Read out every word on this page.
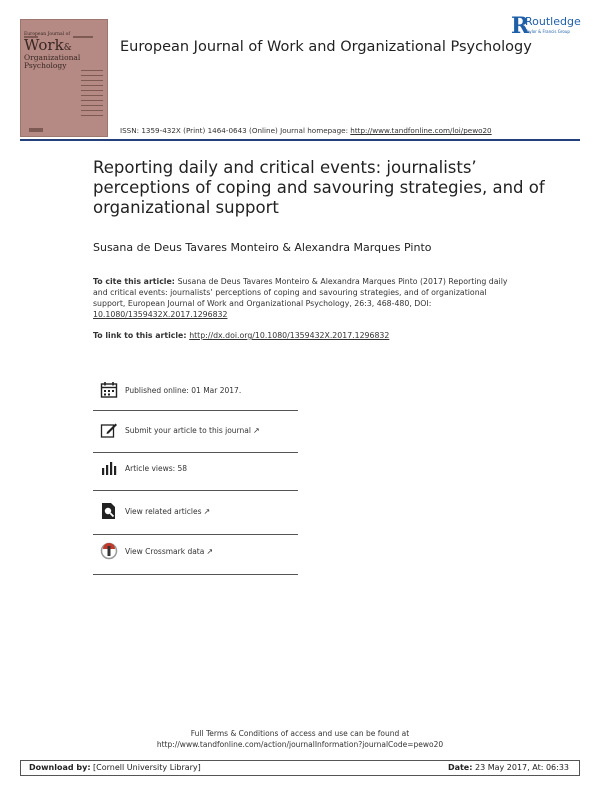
European Journal of
Work&
Organizational
Psychology
R
Routledge
Taylor & Francis Group
European Journal of Work and Organizational Psychology
ISSN: 1359-432X (Print) 1464-0643 (Online) Journal homepage: http://www.tandfonline.com/loi/pewo20
Reporting daily and critical events: journalists’ perceptions of coping and savouring strategies, and of organizational support
Susana de Deus Tavares Monteiro & Alexandra Marques Pinto
To cite this article: Susana de Deus Tavares Monteiro & Alexandra Marques Pinto (2017) Reporting daily and critical events: journalists’ perceptions of coping and savouring strategies, and of organizational support, European Journal of Work and Organizational Psychology, 26:3, 468-480, DOI: 10.1080/1359432X.2017.1296832
To link to this article: http://dx.doi.org/10.1080/1359432X.2017.1296832
Published online: 01 Mar 2017.
Submit your article to this journal ↗
Article views: 58
View related articles ↗
View Crossmark data ↗
Full Terms & Conditions of access and use can be found at
http://www.tandfonline.com/action/journalInformation?journalCode=pewo20
Download by: [Cornell University Library]	Date: 23 May 2017, At: 06:33
